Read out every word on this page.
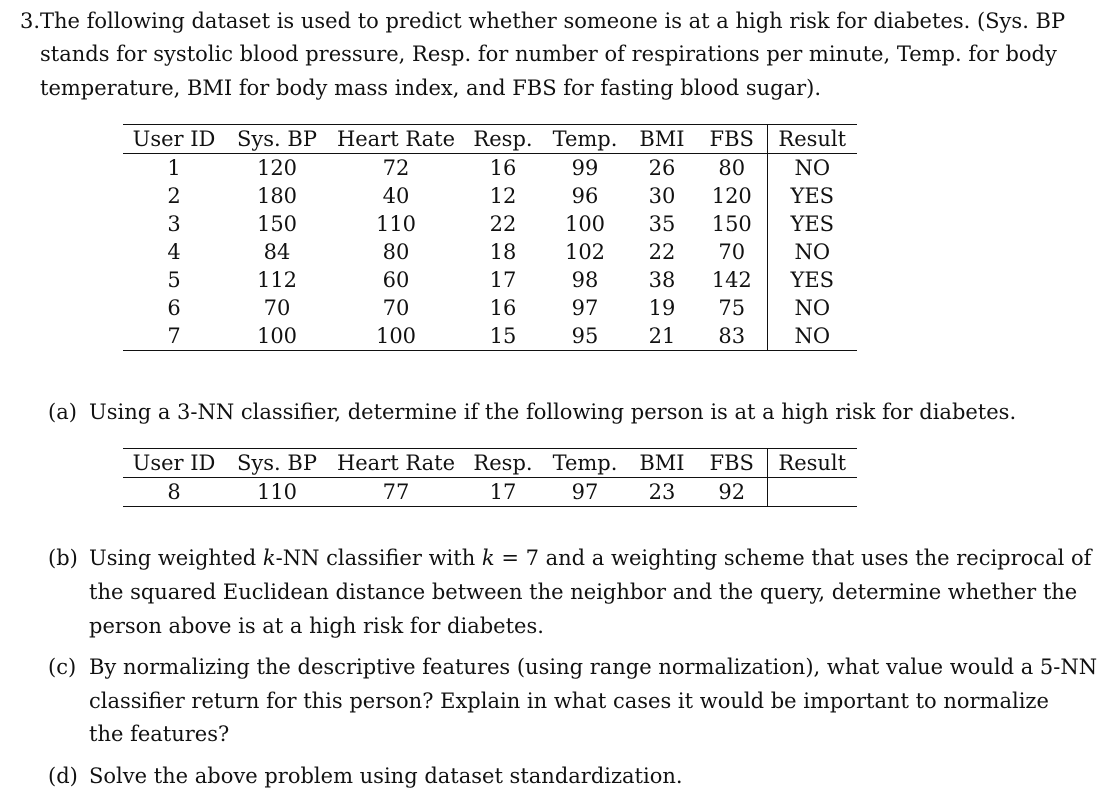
3. The following dataset is used to predict whether someone is at a high risk for diabetes. (Sys. BP
stands for systolic blood pressure, Resp. for number of respirations per minute, Temp. for body
temperature, BMI for body mass index, and FBS for fasting blood sugar).
User ID	Sys. BP	Heart Rate	Resp.	Temp.	BMI	FBS	Result
1	120	72	16	99	26	80	NO
2	180	40	12	96	30	120	YES
3	150	110	22	100	35	150	YES
4	84	80	18	102	22	70	NO
5	112	60	17	98	38	142	YES
6	70	70	16	97	19	75	NO
7	100	100	15	95	21	83	NO
(a) Using a 3-NN classifier, determine if the following person is at a high risk for diabetes.
User ID	Sys. BP	Heart Rate	Resp.	Temp.	BMI	FBS	Result
8	110	77	17	97	23	92	
(b) Using weighted k-NN classifier with k = 7 and a weighting scheme that uses the reciprocal of
the squared Euclidean distance between the neighbor and the query, determine whether the
person above is at a high risk for diabetes.
(c) By normalizing the descriptive features (using range normalization), what value would a 5-NN
classifier return for this person? Explain in what cases it would be important to normalize
the features?
(d) Solve the above problem using dataset standardization.
